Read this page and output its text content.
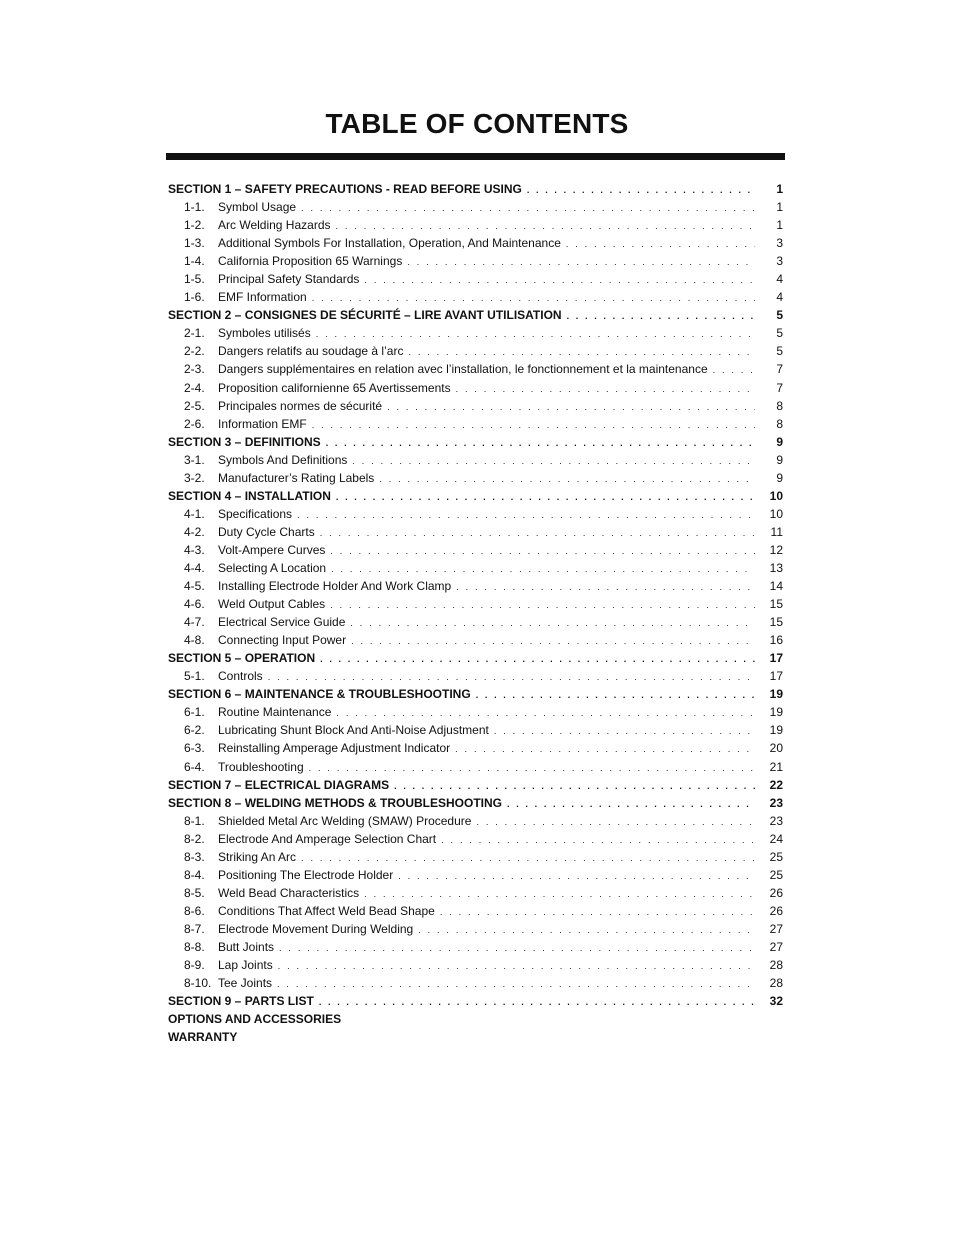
TABLE OF CONTENTS
SECTION 1 – SAFETY PRECAUTIONS - READ BEFORE USING . . .	1
1-1. Symbol Usage . . .	1
1-2. Arc Welding Hazards . . .	1
1-3. Additional Symbols For Installation, Operation, And Maintenance . . .	3
1-4. California Proposition 65 Warnings . . .	3
1-5. Principal Safety Standards . . .	4
1-6. EMF Information . . .	4
SECTION 2 – CONSIGNES DE SÉCURITÉ – LIRE AVANT UTILISATION . . .	5
2-1. Symboles utilisés . . .	5
2-2. Dangers relatifs au soudage à l’arc . . .	5
2-3. Dangers supplémentaires en relation avec l’installation, le fonctionnement et la maintenance . . .	7
2-4. Proposition californienne 65 Avertissements . . .	7
2-5. Principales normes de sécurité . . .	8
2-6. Information EMF . . .	8
SECTION 3 – DEFINITIONS . . .	9
3-1. Symbols And Definitions . . .	9
3-2. Manufacturer’s Rating Labels . . .	9
SECTION 4 – INSTALLATION . . .	10
4-1. Specifications . . .	10
4-2. Duty Cycle Charts . . .	11
4-3. Volt-Ampere Curves . . .	12
4-4. Selecting A Location . . .	13
4-5. Installing Electrode Holder And Work Clamp . . .	14
4-6. Weld Output Cables . . .	15
4-7. Electrical Service Guide . . .	15
4-8. Connecting Input Power . . .	16
SECTION 5 – OPERATION . . .	17
5-1. Controls . . .	17
SECTION 6 – MAINTENANCE & TROUBLESHOOTING . . .	19
6-1. Routine Maintenance . . .	19
6-2. Lubricating Shunt Block And Anti-Noise Adjustment . . .	19
6-3. Reinstalling Amperage Adjustment Indicator . . .	20
6-4. Troubleshooting . . .	21
SECTION 7 – ELECTRICAL DIAGRAMS . . .	22
SECTION 8 – WELDING METHODS & TROUBLESHOOTING . . .	23
8-1. Shielded Metal Arc Welding (SMAW) Procedure . . .	23
8-2. Electrode And Amperage Selection Chart . . .	24
8-3. Striking An Arc . . .	25
8-4. Positioning The Electrode Holder . . .	25
8-5. Weld Bead Characteristics . . .	26
8-6. Conditions That Affect Weld Bead Shape . . .	26
8-7. Electrode Movement During Welding . . .	27
8-8. Butt Joints . . .	27
8-9. Lap Joints . . .	28
8-10. Tee Joints . . .	28
SECTION 9 – PARTS LIST . . .	32
OPTIONS AND ACCESSORIES
WARRANTY
